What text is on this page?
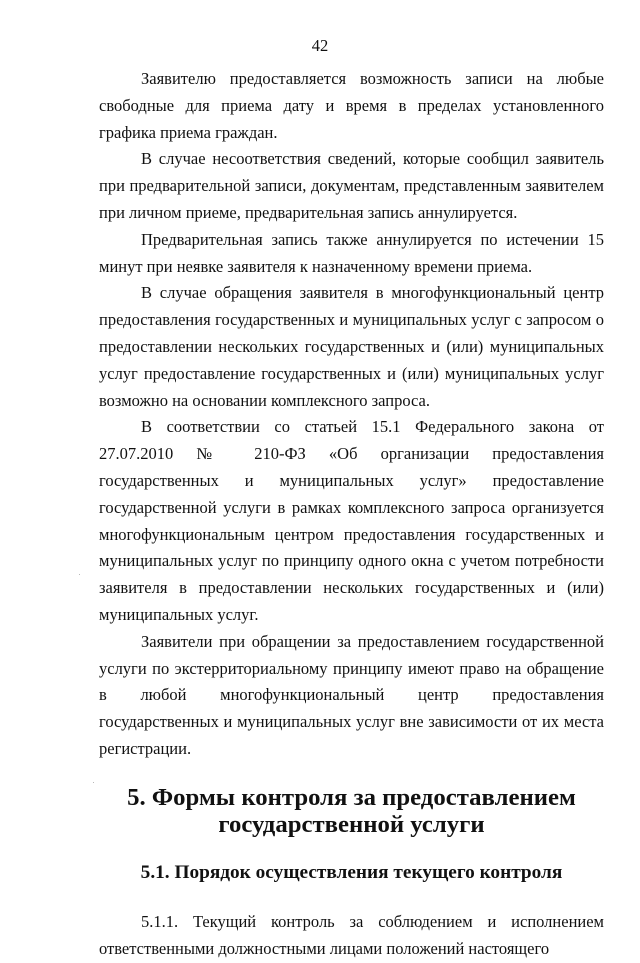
42

Заявителю предоставляется возможность записи на любые свободные для приема дату и время в пределах установленного графика приема граждан.

В случае несоответствия сведений, которые сообщил заявитель при предварительной записи, документам, представленным заявителем при личном приеме, предварительная запись аннулируется.

Предварительная запись также аннулируется по истечении 15 минут при неявке заявителя к назначенному времени приема.

В случае обращения заявителя в многофункциональный центр предоставления государственных и муниципальных услуг с запросом о предоставлении нескольких государственных и (или) муниципальных услуг предоставление государственных и (или) муниципальных услуг возможно на основании комплексного запроса.

В соответствии со статьей 15.1 Федерального закона от 27.07.2010 № 210-ФЗ «Об организации предоставления государственных и муниципальных услуг» предоставление государственной услуги в рамках комплексного запроса организуется многофункциональным центром предоставления государственных и муниципальных услуг по принципу одного окна с учетом потребности заявителя в предоставлении нескольких государственных и (или) муниципальных услуг.

Заявители при обращении за предоставлением государственной услуги по экстерриториальному принципу имеют право на обращение в любой многофункциональный центр предоставления государственных и муниципальных услуг вне зависимости от их места регистрации.

5. Формы контроля за предоставлением государственной услуги
5.1. Порядок осуществления текущего контроля

5.1.1. Текущий контроль за соблюдением и исполнением ответственными должностными лицами положений настоящего
